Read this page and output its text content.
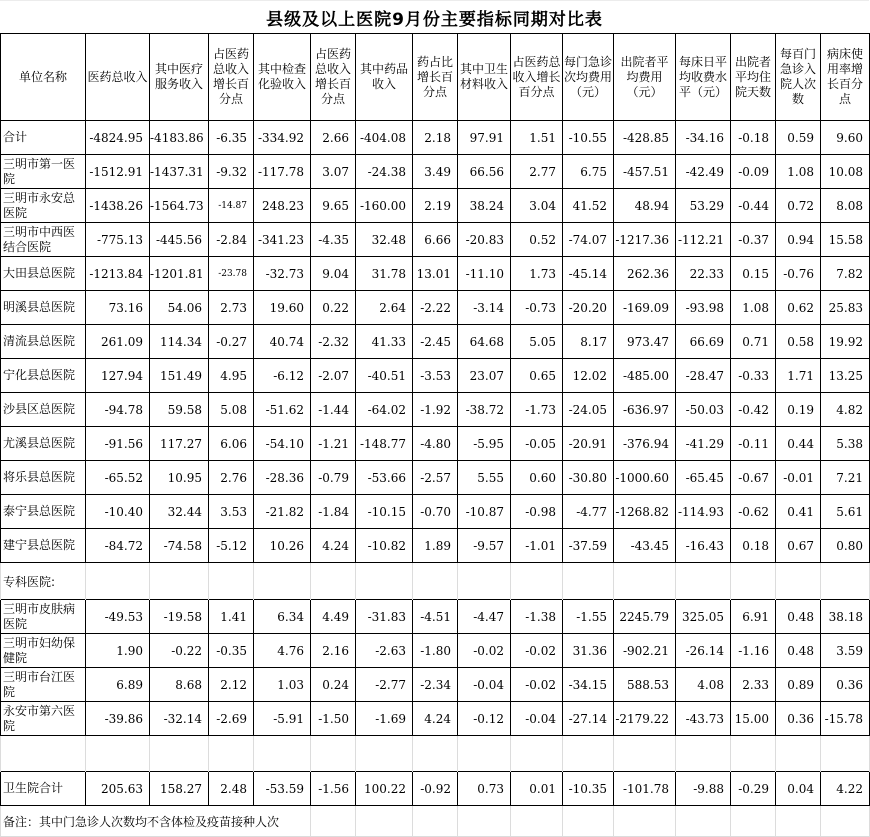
县级及以上医院9月份主要指标同期对比表
单位名称	医药总收入	其中医疗服务收入	占医药总收入增长百分点	其中检查化验收入	占医药总收入增长百分点	其中药品收入	药占比增长百分点	其中卫生材料收入	占医药总收入增长百分点	每门急诊次均费用（元）	出院者平均费用（元）	每床日平均收费水平（元）	出院者平均住院天数	每百门急诊入院人次数	病床使用率增长百分点
合计	-4824.95	-4183.86	-6.35	-334.92	2.66	-404.08	2.18	97.91	1.51	-10.55	-428.85	-34.16	-0.18	0.59	9.60
三明市第一医院	-1512.91	-1437.31	-9.32	-117.78	3.07	-24.38	3.49	66.56	2.77	6.75	-457.51	-42.49	-0.09	1.08	10.08
三明市永安总医院	-1438.26	-1564.73	-14.87	248.23	9.65	-160.00	2.19	38.24	3.04	41.52	48.94	53.29	-0.44	0.72	8.08
三明市中西医结合医院	-775.13	-445.56	-2.84	-341.23	-4.35	32.48	6.66	-20.83	0.52	-74.07	-1217.36	-112.21	-0.37	0.94	15.58
大田县总医院	-1213.84	-1201.81	-23.78	-32.73	9.04	31.78	13.01	-11.10	1.73	-45.14	262.36	22.33	0.15	-0.76	7.82
明溪县总医院	73.16	54.06	2.73	19.60	0.22	2.64	-2.22	-3.14	-0.73	-20.20	-169.09	-93.98	1.08	0.62	25.83
清流县总医院	261.09	114.34	-0.27	40.74	-2.32	41.33	-2.45	64.68	5.05	8.17	973.47	66.69	0.71	0.58	19.92
宁化县总医院	127.94	151.49	4.95	-6.12	-2.07	-40.51	-3.53	23.07	0.65	12.02	-485.00	-28.47	-0.33	1.71	13.25
沙县区总医院	-94.78	59.58	5.08	-51.62	-1.44	-64.02	-1.92	-38.72	-1.73	-24.05	-636.97	-50.03	-0.42	0.19	4.82
尤溪县总医院	-91.56	117.27	6.06	-54.10	-1.21	-148.77	-4.80	-5.95	-0.05	-20.91	-376.94	-41.29	-0.11	0.44	5.38
将乐县总医院	-65.52	10.95	2.76	-28.36	-0.79	-53.66	-2.57	5.55	0.60	-30.80	-1000.60	-65.45	-0.67	-0.01	7.21
泰宁县总医院	-10.40	32.44	3.53	-21.82	-1.84	-10.15	-0.70	-10.87	-0.98	-4.77	-1268.82	-114.93	-0.62	0.41	5.61
建宁县总医院	-84.72	-74.58	-5.12	10.26	4.24	-10.82	1.89	-9.57	-1.01	-37.59	-43.45	-16.43	0.18	0.67	0.80
专科医院:															
三明市皮肤病医院	-49.53	-19.58	1.41	6.34	4.49	-31.83	-4.51	-4.47	-1.38	-1.55	2245.79	325.05	6.91	0.48	38.18
三明市妇幼保健院	1.90	-0.22	-0.35	4.76	2.16	-2.63	-1.80	-0.02	-0.02	31.36	-902.21	-26.14	-1.16	0.48	3.59
三明市台江医院	6.89	8.68	2.12	1.03	0.24	-2.77	-2.34	-0.04	-0.02	-34.15	588.53	4.08	2.33	0.89	0.36
永安市第六医院	-39.86	-32.14	-2.69	-5.91	-1.50	-1.69	4.24	-0.12	-0.04	-27.14	-2179.22	-43.73	15.00	0.36	-15.78

卫生院合计	205.63	158.27	2.48	-53.59	-1.56	100.22	-0.92	0.73	0.01	-10.35	-101.78	-9.88	-0.29	0.04	4.22
备注：其中门急诊人次数均不含体检及疫苗接种人次															
